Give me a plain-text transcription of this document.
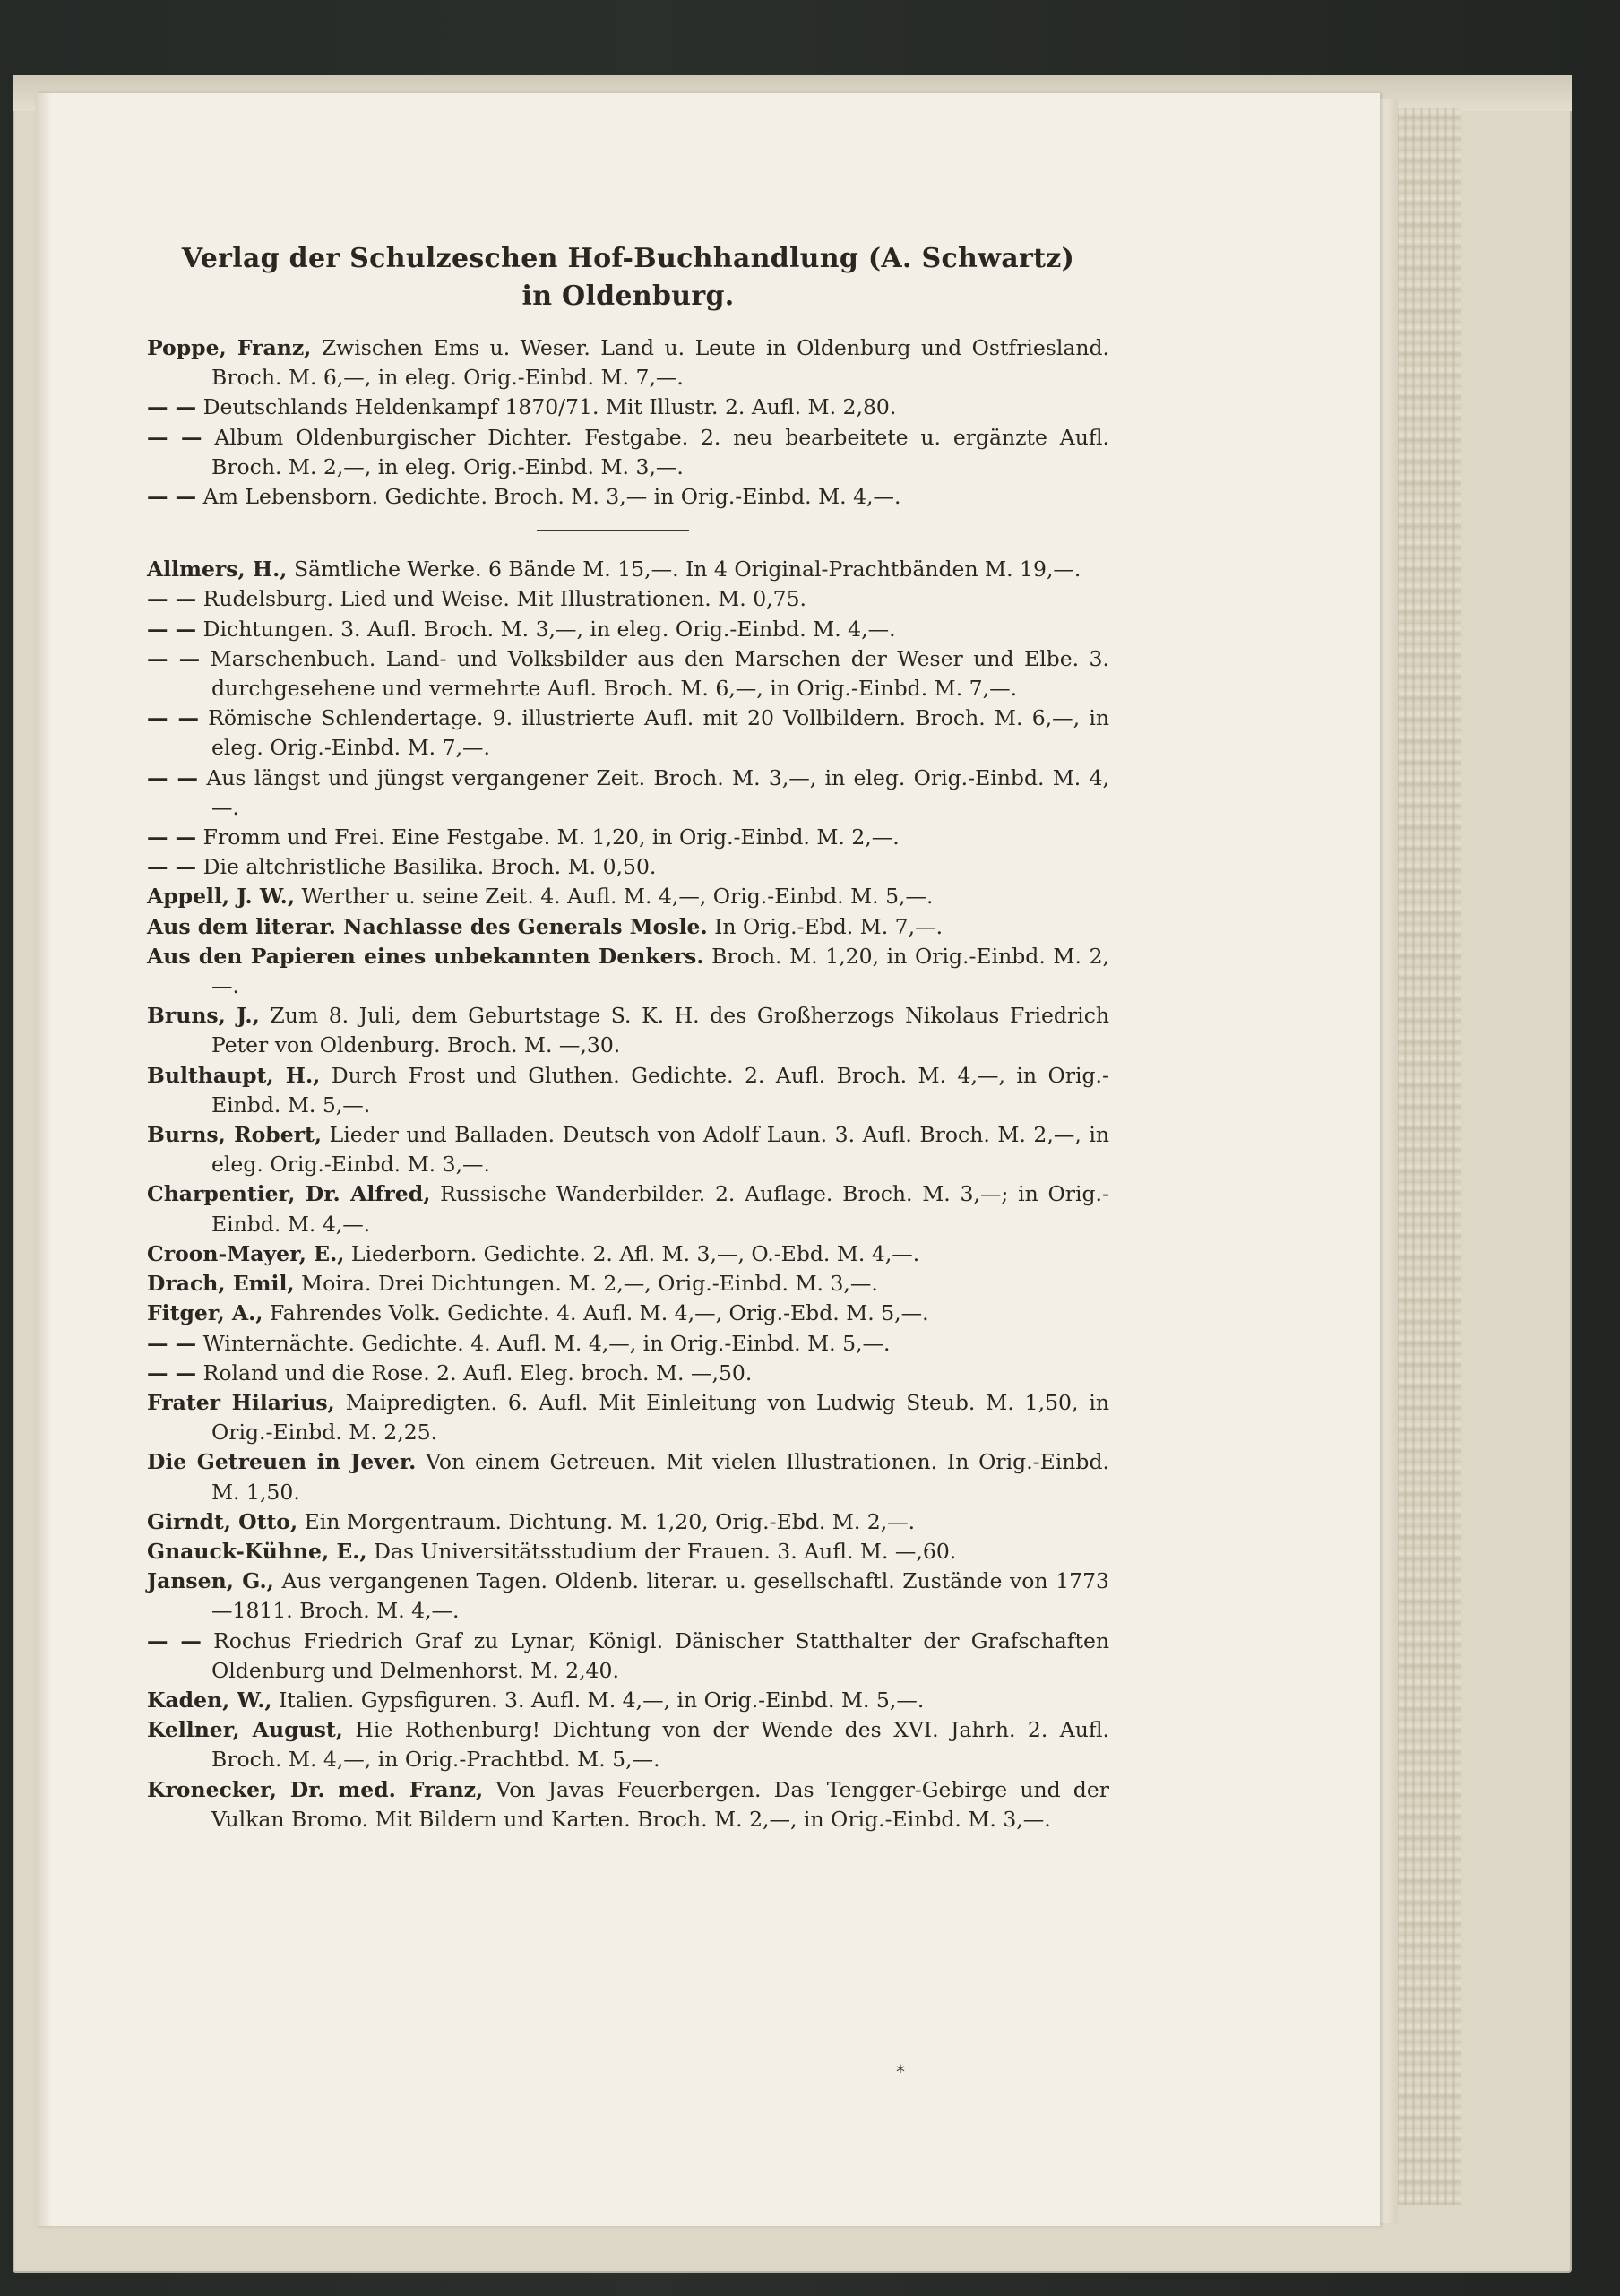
Verlag der Schulzeschen Hof-Buchhandlung (A. Schwartz)
in Oldenburg.
Poppe, Franz, Zwischen Ems u. Weser. Land u. Leute in Oldenburg und Ostfriesland. Broch. M. 6,—, in eleg. Orig.-Einbd. M. 7,—.
— — Deutschlands Heldenkampf 1870/71. Mit Illustr. 2. Aufl. M. 2,80.
— — Album Oldenburgischer Dichter. Festgabe. 2. neu bearbeitete u. ergänzte Aufl. Broch. M. 2,—, in eleg. Orig.-Einbd. M. 3,—.
— — Am Lebensborn. Gedichte. Broch. M. 3,— in Orig.-Einbd. M. 4,—.
Allmers, H., Sämtliche Werke. 6 Bände M. 15,—. In 4 Original-Prachtbänden M. 19,—.
— — Rudelsburg. Lied und Weise. Mit Illustrationen. M. 0,75.
— — Dichtungen. 3. Aufl. Broch. M. 3,—, in eleg. Orig.-Einbd. M. 4,—.
— — Marschenbuch. Land- und Volksbilder aus den Marschen der Weser und Elbe. 3. durchgesehene und vermehrte Aufl. Broch. M. 6,—, in Orig.-Einbd. M. 7,—.
— — Römische Schlendertage. 9. illustrierte Aufl. mit 20 Vollbildern. Broch. M. 6,—, in eleg. Orig.-Einbd. M. 7,—.
— — Aus längst und jüngst vergangener Zeit. Broch. M. 3,—, in eleg. Orig.-Einbd. M. 4,—.
— — Fromm und Frei. Eine Festgabe. M. 1,20, in Orig.-Einbd. M. 2,—.
— — Die altchristliche Basilika. Broch. M. 0,50.
Appell, J. W., Werther u. seine Zeit. 4. Aufl. M. 4,—, Orig.-Einbd. M. 5,—.
Aus dem literar. Nachlasse des Generals Mosle. In Orig.-Ebd. M. 7,—.
Aus den Papieren eines unbekannten Denkers. Broch. M. 1,20, in Orig.-Einbd. M. 2,—.
Bruns, J., Zum 8. Juli, dem Geburtstage S. K. H. des Großherzogs Nikolaus Friedrich Peter von Oldenburg. Broch. M. —,30.
Bulthaupt, H., Durch Frost und Gluthen. Gedichte. 2. Aufl. Broch. M. 4,—, in Orig.-Einbd. M. 5,—.
Burns, Robert, Lieder und Balladen. Deutsch von Adolf Laun. 3. Aufl. Broch. M. 2,—, in eleg. Orig.-Einbd. M. 3,—.
Charpentier, Dr. Alfred, Russische Wanderbilder. 2. Auflage. Broch. M. 3,—; in Orig.-Einbd. M. 4,—.
Croon-Mayer, E., Liederborn. Gedichte. 2. Afl. M. 3,—, O.-Ebd. M. 4,—.
Drach, Emil, Moira. Drei Dichtungen. M. 2,—, Orig.-Einbd. M. 3,—.
Fitger, A., Fahrendes Volk. Gedichte. 4. Aufl. M. 4,—, Orig.-Ebd. M. 5,—.
— — Winternächte. Gedichte. 4. Aufl. M. 4,—, in Orig.-Einbd. M. 5,—.
— — Roland und die Rose. 2. Aufl. Eleg. broch. M. —,50.
Frater Hilarius, Maipredigten. 6. Aufl. Mit Einleitung von Ludwig Steub. M. 1,50, in Orig.-Einbd. M. 2,25.
Die Getreuen in Jever. Von einem Getreuen. Mit vielen Illustrationen. In Orig.-Einbd. M. 1,50.
Girndt, Otto, Ein Morgentraum. Dichtung. M. 1,20, Orig.-Ebd. M. 2,—.
Gnauck-Kühne, E., Das Universitätsstudium der Frauen. 3. Aufl. M. —,60.
Jansen, G., Aus vergangenen Tagen. Oldenb. literar. u. gesellschaftl. Zustände von 1773—1811. Broch. M. 4,—.
— — Rochus Friedrich Graf zu Lynar, Königl. Dänischer Statthalter der Grafschaften Oldenburg und Delmenhorst. M. 2,40.
Kaden, W., Italien. Gypsfiguren. 3. Aufl. M. 4,—, in Orig.-Einbd. M. 5,—.
Kellner, August, Hie Rothenburg! Dichtung von der Wende des XVI. Jahrh. 2. Aufl. Broch. M. 4,—, in Orig.-Prachtbd. M. 5,—.
Kronecker, Dr. med. Franz, Von Javas Feuerbergen. Das Tengger-Gebirge und der Vulkan Bromo. Mit Bildern und Karten. Broch. M. 2,—, in Orig.-Einbd. M. 3,—.
*
